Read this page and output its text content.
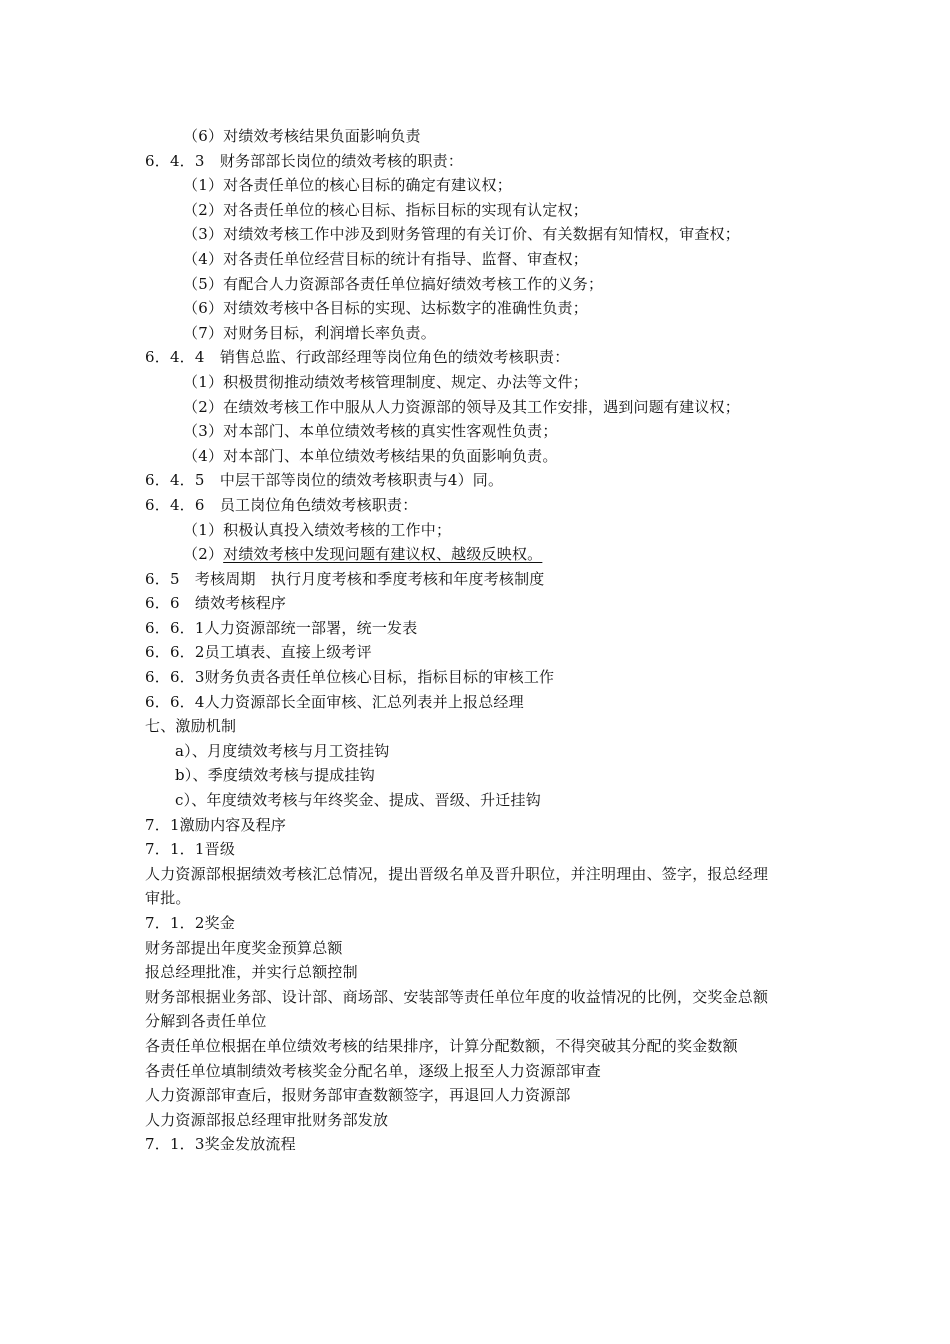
（6）对绩效考核结果负面影响负责
6．4．3　财务部部长岗位的绩效考核的职责：
（1）对各责任单位的核心目标的确定有建议权；
（2）对各责任单位的核心目标、指标目标的实现有认定权；
（3）对绩效考核工作中涉及到财务管理的有关订价、有关数据有知情权，审查权；
（4）对各责任单位经营目标的统计有指导、监督、审查权；
（5）有配合人力资源部各责任单位搞好绩效考核工作的义务；
（6）对绩效考核中各目标的实现、达标数字的准确性负责；
（7）对财务目标，利润增长率负责。
6．4．4　销售总监、行政部经理等岗位角色的绩效考核职责：
（1）积极贯彻推动绩效考核管理制度、规定、办法等文件；
（2）在绩效考核工作中服从人力资源部的领导及其工作安排，遇到问题有建议权；
（3）对本部门、本单位绩效考核的真实性客观性负责；
（4）对本部门、本单位绩效考核结果的负面影响负责。
6．4．5　中层干部等岗位的绩效考核职责与4）同。
6．4．6　员工岗位角色绩效考核职责：
（1）积极认真投入绩效考核的工作中；
（2）对绩效考核中发现问题有建议权、越级反映权。
6．5　考核周期　执行月度考核和季度考核和年度考核制度
6．6　绩效考核程序
6．6．1人力资源部统一部署，统一发表
6．6．2员工填表、直接上级考评
6．6．3财务负责各责任单位核心目标，指标目标的审核工作
6．6．4人力资源部长全面审核、汇总列表并上报总经理
七、激励机制
a）、月度绩效考核与月工资挂钩
b）、季度绩效考核与提成挂钩
c）、年度绩效考核与年终奖金、提成、晋级、升迁挂钩
7．1激励内容及程序
7．1．1晋级
人力资源部根据绩效考核汇总情况，提出晋级名单及晋升职位，并注明理由、签字，报总经理
审批。
7．1．2奖金
财务部提出年度奖金预算总额
报总经理批准，并实行总额控制
财务部根据业务部、设计部、商场部、安装部等责任单位年度的收益情况的比例，交奖金总额
分解到各责任单位
各责任单位根据在单位绩效考核的结果排序，计算分配数额，不得突破其分配的奖金数额
各责任单位填制绩效考核奖金分配名单，逐级上报至人力资源部审查
人力资源部审查后，报财务部审查数额签字，再退回人力资源部
人力资源部报总经理审批财务部发放
7．1．3奖金发放流程
